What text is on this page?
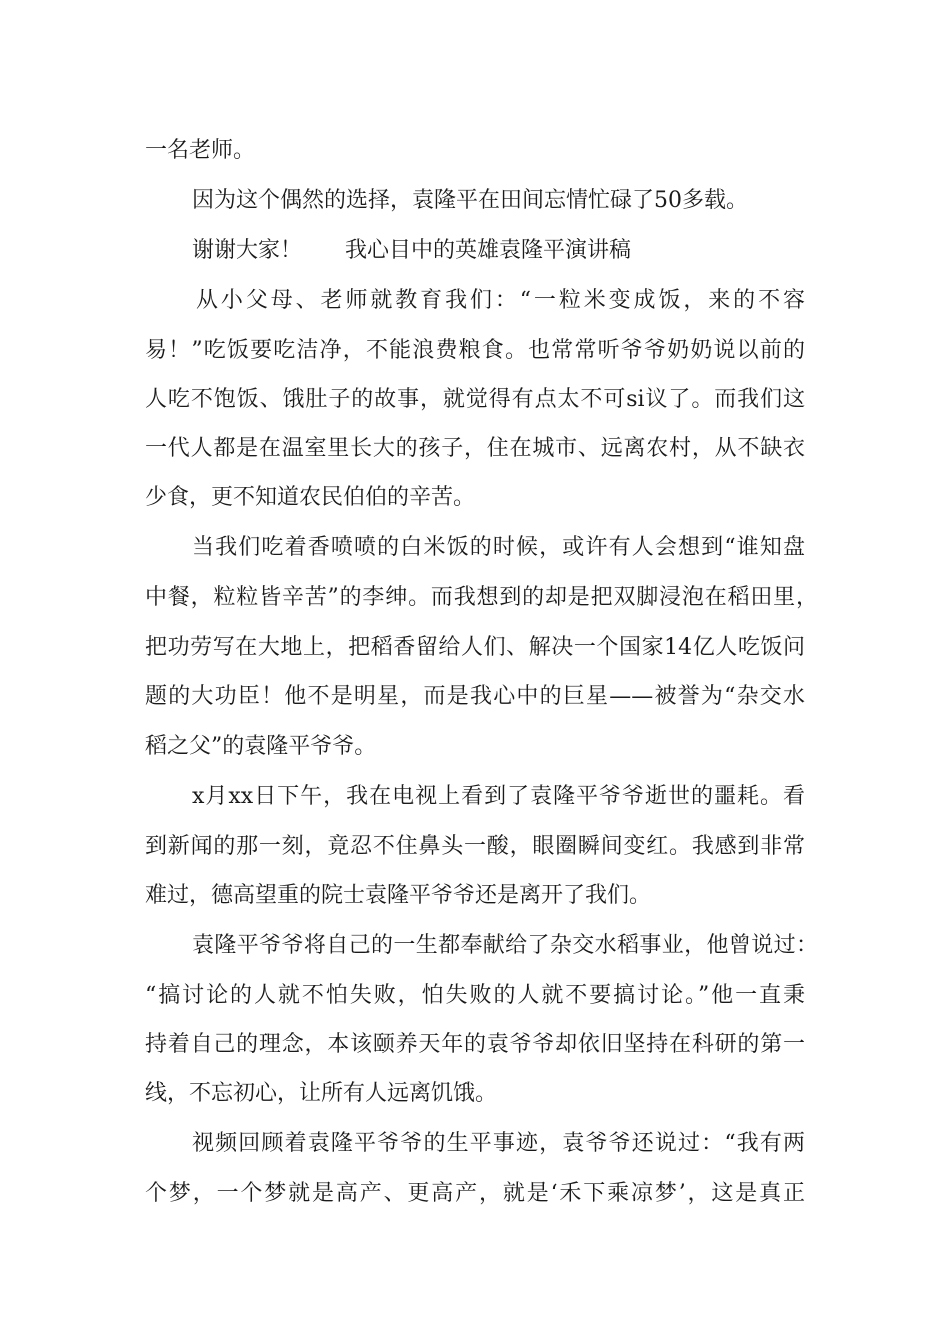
一名老师。
因为这个偶然的选择，袁隆平在田间忘情忙碌了50多载。
谢谢大家！ 我心目中的英雄袁隆平演讲稿
从小父母、老师就教育我们：“一粒米变成饭，来的不容
易！”吃饭要吃洁净，不能浪费粮食。也常常听爷爷奶奶说以前的
人吃不饱饭、饿肚子的故事，就觉得有点太不可si议了。而我们这
一代人都是在温室里长大的孩子，住在城市、远离农村，从不缺衣
少食，更不知道农民伯伯的辛苦。
当我们吃着香喷喷的白米饭的时候，或许有人会想到“谁知盘
中餐，粒粒皆辛苦”的李绅。而我想到的却是把双脚浸泡在稻田里，
把功劳写在大地上，把稻香留给人们、解决一个国家14亿人吃饭问
题的大功臣！他不是明星，而是我心中的巨星——被誉为“杂交水
稻之父”的袁隆平爷爷。
x月xx日下午，我在电视上看到了袁隆平爷爷逝世的噩耗。看
到新闻的那一刻，竟忍不住鼻头一酸，眼圈瞬间变红。我感到非常
难过，德高望重的院士袁隆平爷爷还是离开了我们。
袁隆平爷爷将自己的一生都奉献给了杂交水稻事业，他曾说过：
“搞讨论的人就不怕失败，怕失败的人就不要搞讨论。”他一直秉
持着自己的理念，本该颐养天年的袁爷爷却依旧坚持在科研的第一
线，不忘初心，让所有人远离饥饿。
视频回顾着袁隆平爷爷的生平事迹，袁爷爷还说过：“我有两
个梦，一个梦就是高产、更高产，就是‘禾下乘凉梦’，这是真正
